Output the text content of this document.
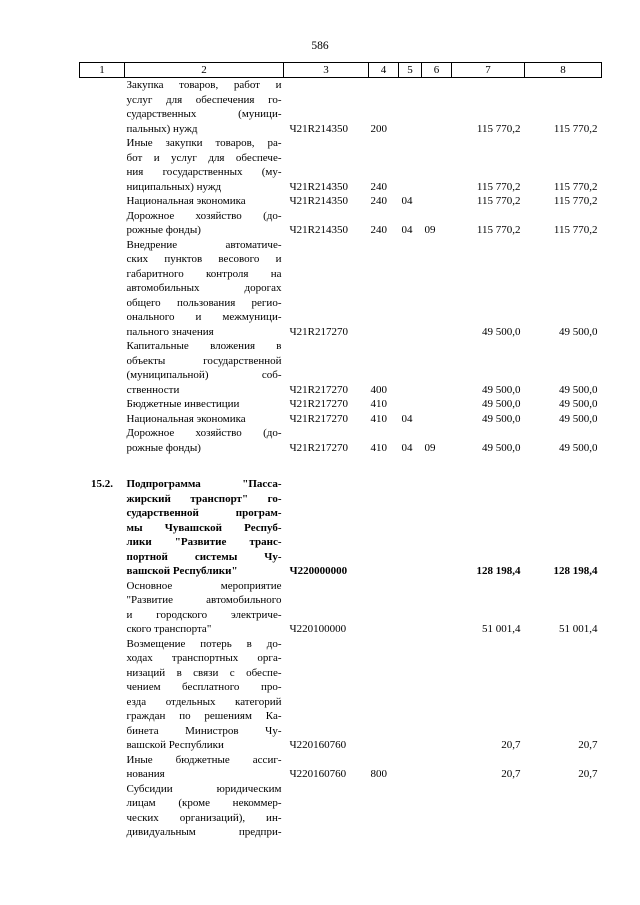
586
1	2	3	4	5	6	7	8
	Закупка товаров, работ и						
	услуг для обеспечения го-						
	сударственных (муници-						
	пальных) нужд	Ч21R214350	200			115 770,2	115 770,2
	Иные закупки товаров, ра-						
	бот и услуг для обеспече-						
	ния государственных (му-						
	ниципальных) нужд	Ч21R214350	240			115 770,2	115 770,2
	Национальная экономика	Ч21R214350	240	04		115 770,2	115 770,2
	Дорожное хозяйство (до-						
	рожные фонды)	Ч21R214350	240	04	09	115 770,2	115 770,2
	Внедрение автоматиче-						
	ских пунктов весового и						
	габаритного контроля на						
	автомобильных дорогах						
	общего пользования регио-						
	онального и межмуници-						
	пального значения	Ч21R217270				49 500,0	49 500,0
	Капитальные вложения в						
	объекты государственной						
	(муниципальной) соб-						
	ственности	Ч21R217270	400			49 500,0	49 500,0
	Бюджетные инвестиции	Ч21R217270	410			49 500,0	49 500,0
	Национальная экономика	Ч21R217270	410	04		49 500,0	49 500,0
	Дорожное хозяйство (до-						
	рожные фонды)	Ч21R217270	410	04	09	49 500,0	49 500,0

15.2.	Подпрограмма "Пасса-						
	жирский транспорт" го-						
	сударственной програм-						
	мы Чувашской Респуб-						
	лики "Развитие транс-						
	портной системы Чу-						
	вашской Республики"	Ч220000000				128 198,4	128 198,4
	Основное мероприятие						
	"Развитие автомобильного						
	и городского электриче-						
	ского транспорта"	Ч220100000				51 001,4	51 001,4
	Возмещение потерь в до-						
	ходах транспортных орга-						
	низаций в связи с обеспе-						
	чением бесплатного про-						
	езда отдельных категорий						
	граждан по решениям Ка-						
	бинета Министров Чу-						
	вашской Республики	Ч220160760				20,7	20,7
	Иные бюджетные ассиг-						
	нования	Ч220160760	800			20,7	20,7
	Субсидии юридическим						
	лицам (кроме некоммер-						
	ческих организаций), ин-						
	дивидуальным предпри-						
